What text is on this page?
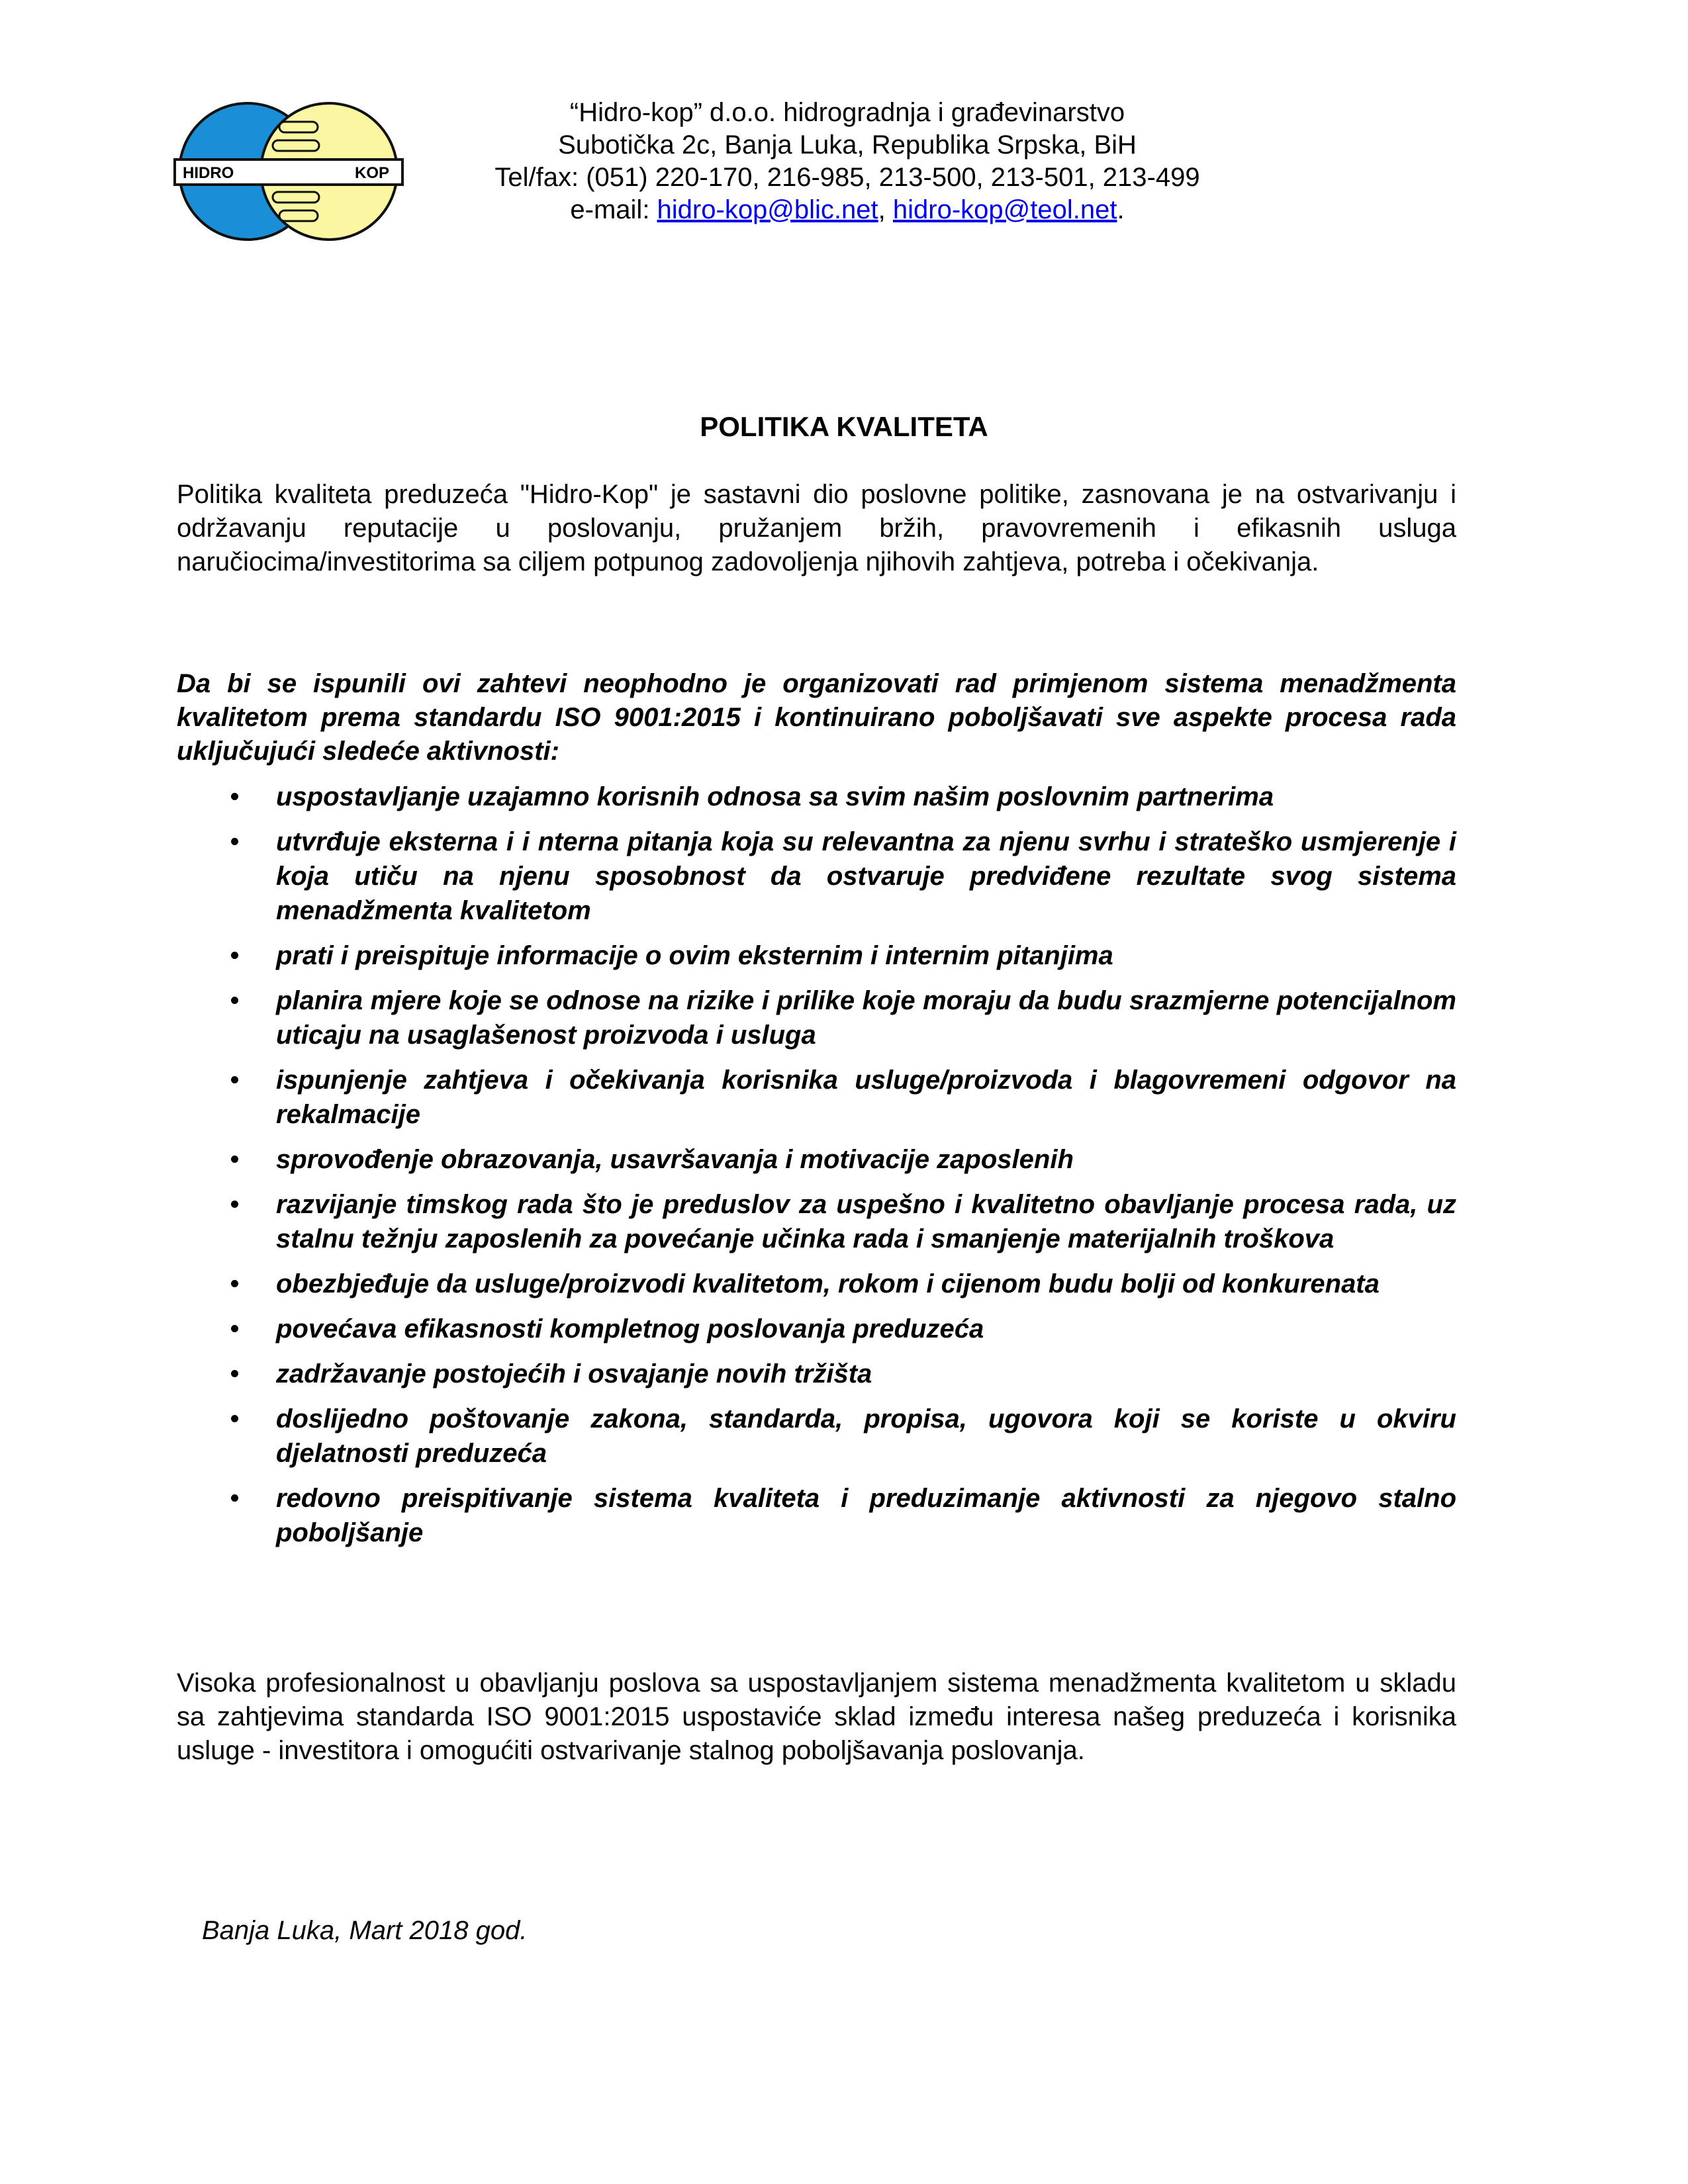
HIDRO	KOP
“Hidro-kop” d.o.o. hidrogradnja i građevinarstvo
Subotička 2c, Banja Luka, Republika Srpska, BiH
Tel/fax: (051) 220-170, 216-985, 213-500, 213-501, 213-499
e-mail: hidro-kop@blic.net, hidro-kop@teol.net.
POLITIKA KVALITETA
Politika kvaliteta preduzeća "Hidro-Kop" je sastavni dio poslovne politike, zasnovana je na ostvarivanju i održavanju reputacije u poslovanju, pružanjem bržih, pravovremenih i efikasnih usluga naručiocima/investitorima sa ciljem potpunog zadovoljenja njihovih zahtjeva, potreba i očekivanja.
Da bi se ispunili ovi zahtevi neophodno je organizovati rad primjenom sistema menadžmenta kvalitetom prema standardu ISO 9001:2015 i kontinuirano poboljšavati sve aspekte procesa rada uključujući sledeće aktivnosti:
uspostavljanje uzajamno korisnih odnosa sa svim našim poslovnim partnerima
utvrđuje eksterna i i nterna pitanja koja su relevantna za njenu svrhu i strateško usmjerenje i koja utiču na njenu sposobnost da ostvaruje predviđene rezultate svog sistema menadžmenta kvalitetom
prati i preispituje informacije o ovim eksternim i internim pitanjima
planira mjere koje se odnose na rizike i prilike koje moraju da budu srazmjerne potencijalnom uticaju na usaglašenost proizvoda i usluga
ispunjenje zahtjeva i očekivanja korisnika usluge/proizvoda i blagovremeni odgovor na rekalmacije
sprovođenje obrazovanja, usavršavanja i motivacije zaposlenih
razvijanje timskog rada što je preduslov za uspešno i kvalitetno obavljanje procesa rada, uz stalnu težnju zaposlenih za povećanje učinka rada i smanjenje materijalnih troškova
obezbjeđuje da usluge/proizvodi kvalitetom, rokom i cijenom budu bolji od konkurenata
povećava efikasnosti kompletnog poslovanja preduzeća
zadržavanje postojećih i osvajanje novih tržišta
doslijedno poštovanje zakona, standarda, propisa, ugovora koji se koriste u okviru djelatnosti preduzeća
redovno preispitivanje sistema kvaliteta i preduzimanje aktivnosti za njegovo stalno poboljšanje
Visoka profesionalnost u obavljanju poslova sa uspostavljanjem sistema menadžmenta kvalitetom u skladu sa zahtjevima standarda ISO 9001:2015 uspostaviće sklad između interesa našeg preduzeća i korisnika usluge - investitora i omogućiti ostvarivanje stalnog poboljšavanja poslovanja.
Banja Luka, Mart 2018 god.
